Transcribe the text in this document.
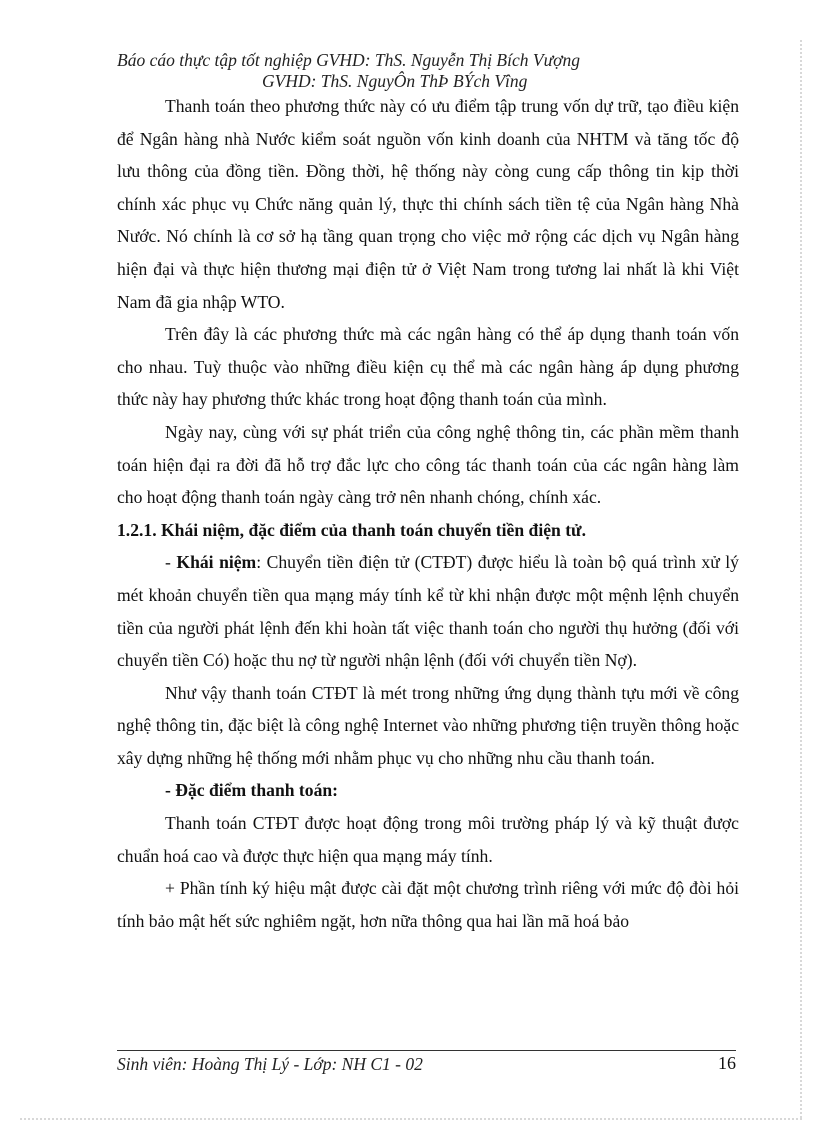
Báo cáo thực tập tốt nghiệp GVHD: ThS. Nguyễn Thị Bích Vượng
GVHD: ThS. NguyÔn ThÞ BÝch Vîng

Thanh toán theo phương thức này có ưu điểm tập trung vốn dự trữ, tạo điều kiện để Ngân hàng nhà Nước kiểm soát nguồn vốn kinh doanh của NHTM và tăng tốc độ lưu thông của đồng tiền. Đồng thời, hệ thống này còng cung cấp thông tin kịp thời chính xác phục vụ Chức năng quản lý, thực thi chính sách tiền tệ của Ngân hàng Nhà Nước. Nó chính là cơ sở hạ tầng quan trọng cho việc mở rộng các dịch vụ Ngân hàng hiện đại và thực hiện thương mại điện tử ở Việt Nam trong tương lai nhất là khi Việt Nam đã gia nhập WTO.

Trên đây là các phương thức mà các ngân hàng có thể áp dụng thanh toán vốn cho nhau. Tuỳ thuộc vào những điều kiện cụ thể mà các ngân hàng áp dụng phương thức này hay phương thức khác trong hoạt động thanh toán của mình.

Ngày nay, cùng với sự phát triển của công nghệ thông tin, các phần mềm thanh toán hiện đại ra đời đã hỗ trợ đắc lực cho công tác thanh toán của các ngân hàng làm cho hoạt động thanh toán ngày càng trở nên nhanh chóng, chính xác.

1.2.1. Khái niệm, đặc điểm của thanh toán chuyển tiền điện tử.

- Khái niệm: Chuyển tiền điện tử (CTĐT) được hiểu là toàn bộ quá trình xử lý mét khoản chuyển tiền qua mạng máy tính kể từ khi nhận được một mệnh lệnh chuyển tiền của người phát lệnh đến khi hoàn tất việc thanh toán cho người thụ hưởng (đối với chuyển tiền Có) hoặc thu nợ từ người nhận lệnh (đối với chuyển tiền Nợ).

Như vậy thanh toán CTĐT là mét trong những ứng dụng thành tựu mới về công nghệ thông tin, đặc biệt là công nghệ Internet vào những phương tiện truyền thông hoặc xây dựng những hệ thống mới nhằm phục vụ cho những nhu cầu thanh toán.

- Đặc điểm thanh toán:

Thanh toán CTĐT được hoạt động trong môi trường pháp lý và kỹ thuật được chuẩn hoá cao và được thực hiện qua mạng máy tính.

+ Phần tính ký hiệu mật được cài đặt một chương trình riêng với mức độ đòi hỏi tính bảo mật hết sức nghiêm ngặt, hơn nữa thông qua hai lần mã hoá bảo

Sinh viên: Hoàng Thị Lý - Lớp: NH C1 - 02	16
